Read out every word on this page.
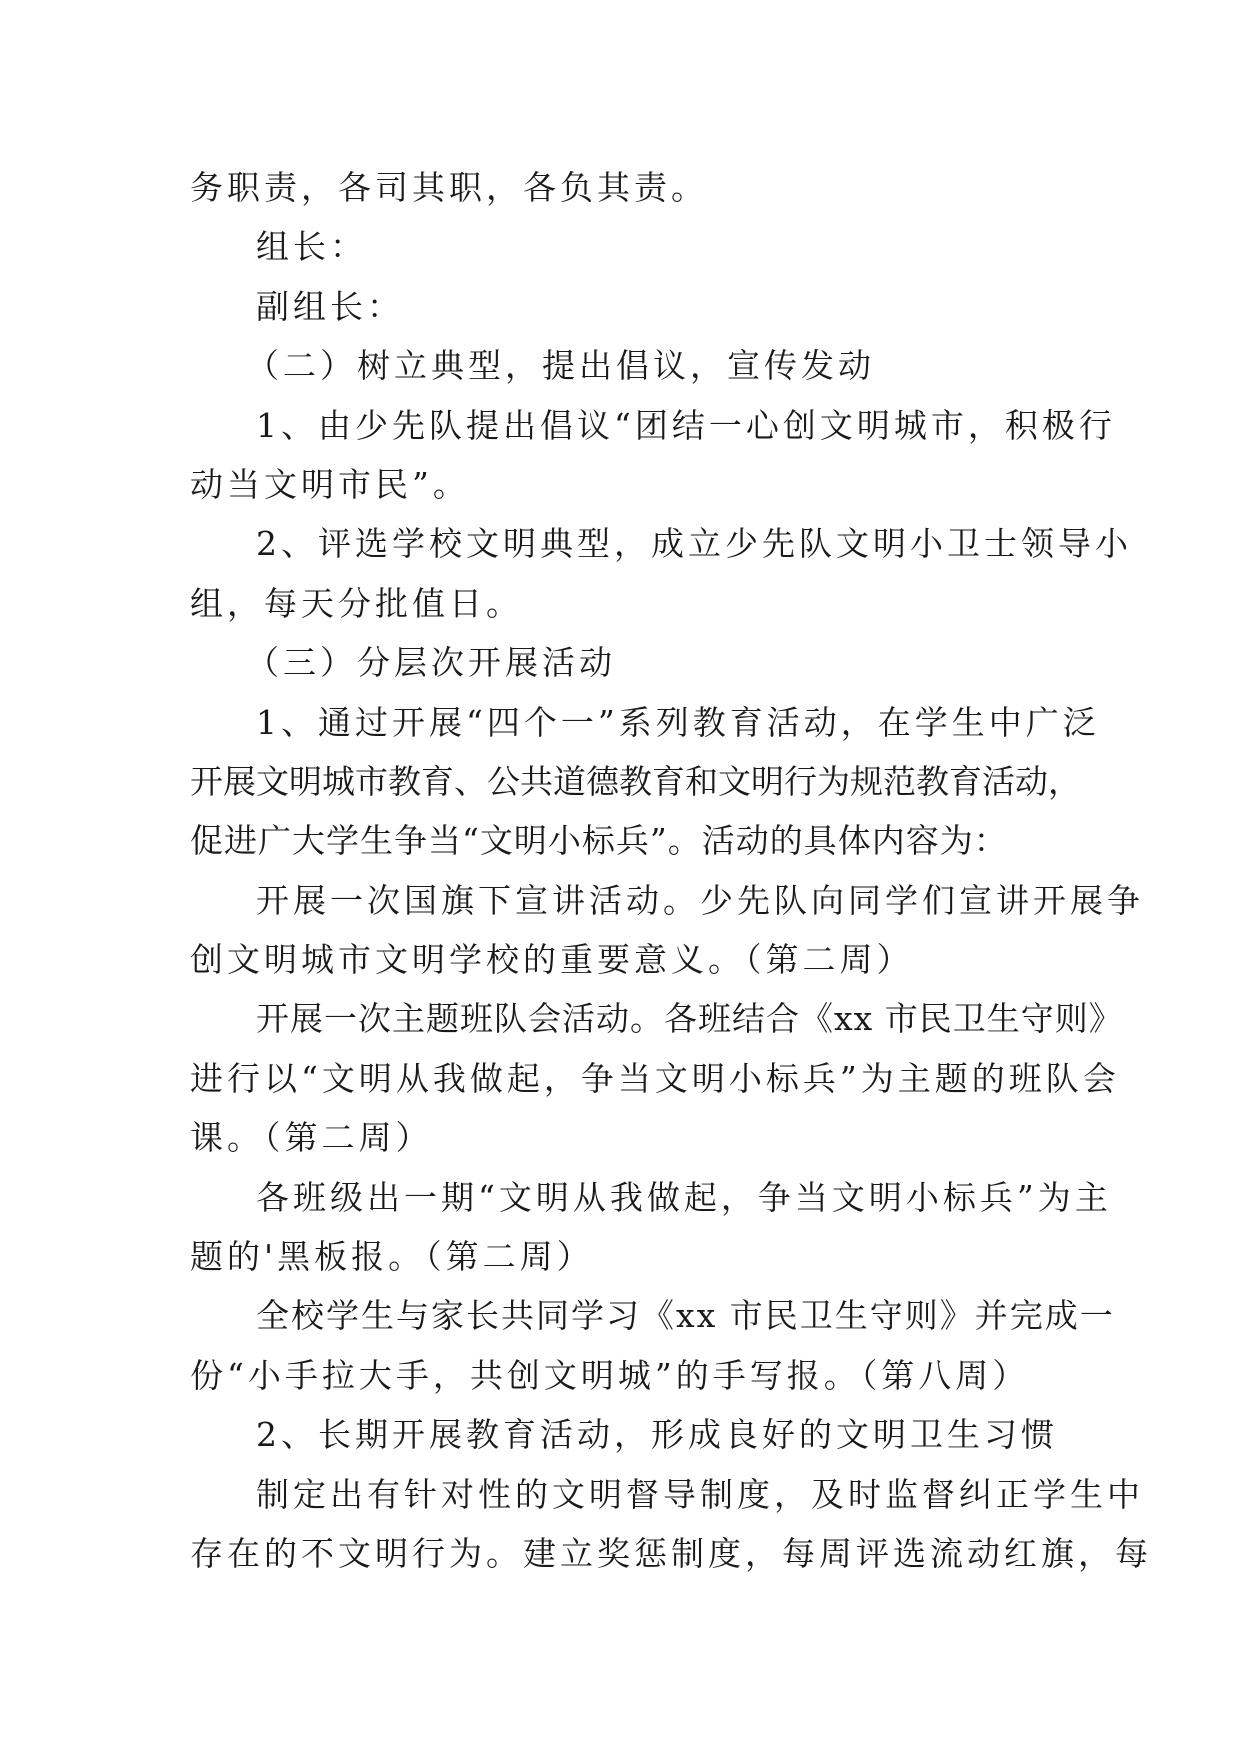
务职责，各司其职，各负其责。
组长：
副组长：
（二）树立典型，提出倡议，宣传发动
1、由少先队提出倡议“团结一心创文明城市，积极行
动当文明市民”。
2、评选学校文明典型，成立少先队文明小卫士领导小
组，每天分批值日。
（三）分层次开展活动
1、通过开展“四个一”系列教育活动，在学生中广泛
开展文明城市教育、公共道德教育和文明行为规范教育活动，
促进广大学生争当“文明小标兵”。活动的具体内容为：
开展一次国旗下宣讲活动。少先队向同学们宣讲开展争
创文明城市文明学校的重要意义。（第二周）
开展一次主题班队会活动。各班结合《xx 市民卫生守则》
进行以“文明从我做起，争当文明小标兵”为主题的班队会
课。（第二周）
各班级出一期“文明从我做起，争当文明小标兵”为主
题的'黑板报。（第二周）
全校学生与家长共同学习《xx 市民卫生守则》并完成一
份“小手拉大手，共创文明城”的手写报。（第八周）
2、长期开展教育活动，形成良好的文明卫生习惯
制定出有针对性的文明督导制度，及时监督纠正学生中
存在的不文明行为。建立奖惩制度，每周评选流动红旗，每
